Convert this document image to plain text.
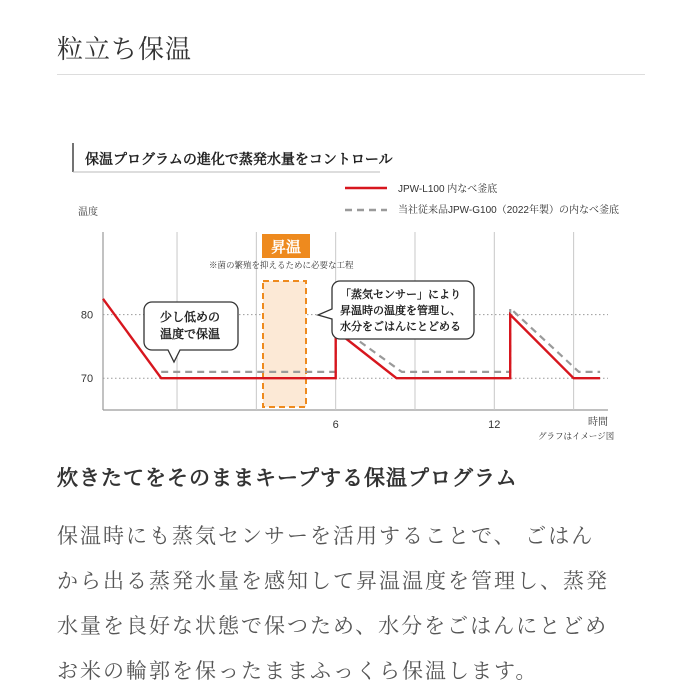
粒立ち保温
保温プログラムの進化で蒸発水量をコントロール
JPW-L100 内なべ釜底
当社従来品JPW-G100（2022年製）の内なべ釜底
温度
時間
グラフはイメージ図
70
80
6	12
昇温
※菌の繁殖を抑えるために必要な工程
少し低めの
温度で保温
「蒸気センサー」により
昇温時の温度を管理し、
水分をごはんにとどめる
炊きたてをそのままキープする保温プログラム
保温時にも蒸気センサーを活用することで、 ごはん
から出る蒸発水量を感知して昇温温度を管理し、蒸発
水量を良好な状態で保つため、水分をごはんにとどめ
お米の輪郭を保ったままふっくら保温します。
